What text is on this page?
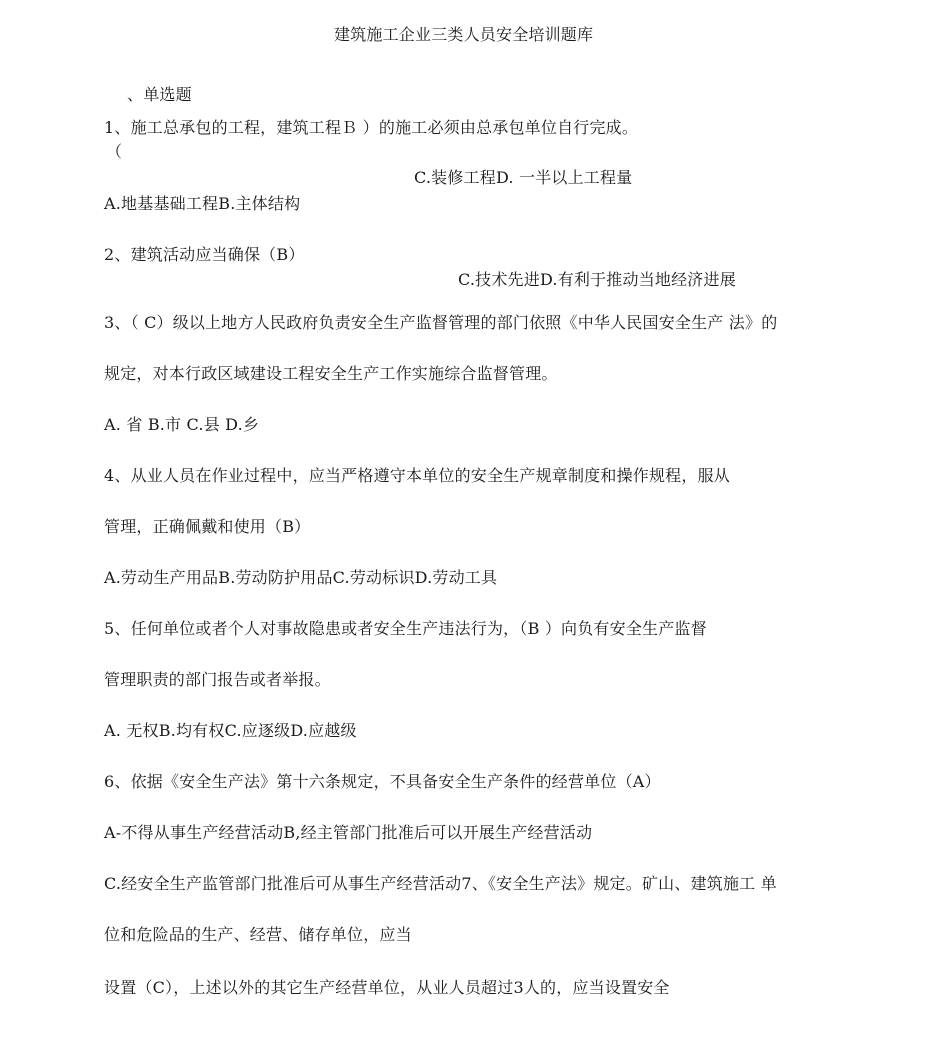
建筑施工企业三类人员安全培训题库
、单选题
1、施工总承包的工程，建筑工程Ｂ ）的施工必须由总承包单位自行完成。
（
C.装修工程D. 一半以上工程量
A.地基基础工程B.主体结构
2、建筑活动应当确保（B）
C.技术先进D.有利于推动当地经济进展
3、（ C）级以上地方人民政府负责安全生产监督管理的部门依照《中华人民国安全生产 法》的
规定，对本行政区域建设工程安全生产工作实施综合监督管理。
A. 省 B.市 C.县 D.乡
4、从业人员在作业过程中，应当严格遵守本单位的安全生产规章制度和操作规程，服从
管理，正确佩戴和使用（B）
A.劳动生产用品B.劳动防护用品C.劳动标识D.劳动工具
5、任何单位或者个人对事故隐患或者安全生产违法行为，（B ）向负有安全生产监督
管理职责的部门报告或者举报。
A. 无权B.均有权C.应逐级D.应越级
6、依据《安全生产法》第十六条规定，不具备安全生产条件的经营单位（A）
A-不得从事生产经营活动B,经主管部门批准后可以开展生产经营活动
C.经安全生产监管部门批准后可从事生产经营活动7、《安全生产法》规定。矿山、建筑施工 单
位和危险品的生产、经营、储存单位，应当
设置（C），上述以外的其它生产经营单位，从业人员超过3人的，应当设置安全
